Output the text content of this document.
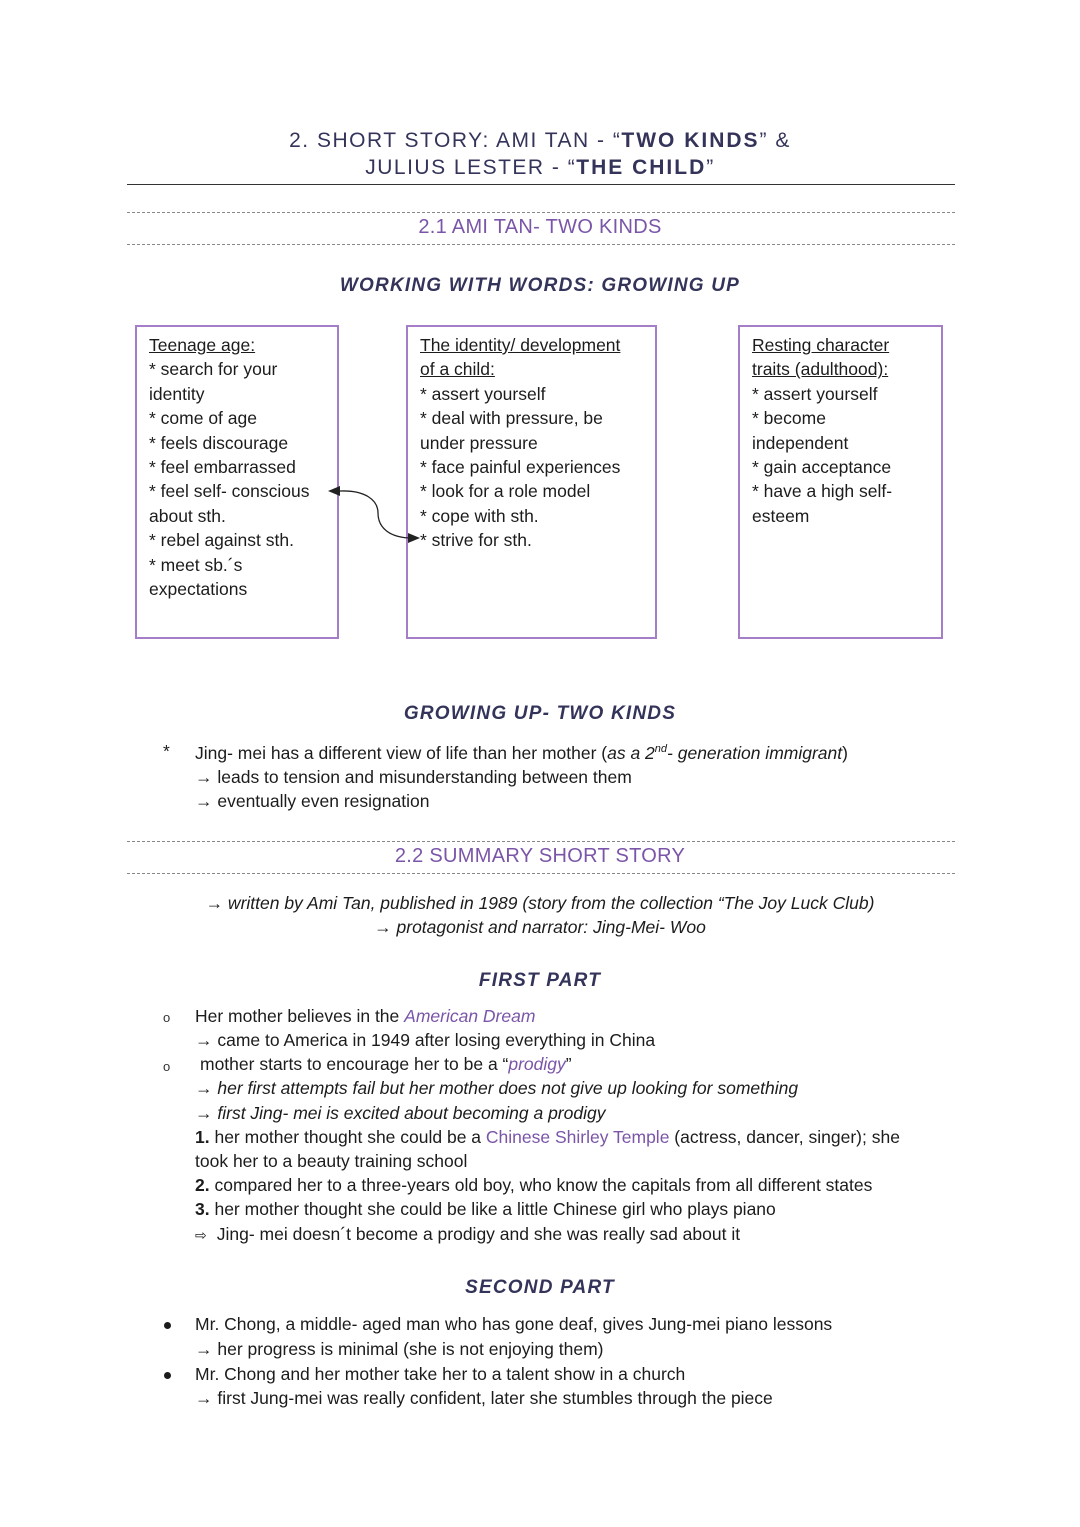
2. SHORT STORY: AMI TAN - “TWO KINDS” &
JULIUS LESTER - “THE CHILD”
2.1 AMI TAN- TWO KINDS
WORKING WITH WORDS: GROWING UP
Teenage age:
* search for your
identity
* come of age
* feels discourage
* feel embarrassed
* feel self- conscious
about sth.
* rebel against sth.
* meet sb.´s
expectations
The identity/ development
of a child:
* assert yourself
* deal with pressure, be
under pressure
* face painful experiences
* look for a role model
* cope with sth.
* strive for sth.
Resting character
traits (adulthood):
* assert yourself
* become
independent
* gain acceptance
* have a high self-
esteem
GROWING UP- TWO KINDS
* Jing- mei has a different view of life than her mother (as a 2nd- generation immigrant)
→ leads to tension and misunderstanding between them
→ eventually even resignation
2.2 SUMMARY SHORT STORY
→ written by Ami Tan, published in 1989 (story from the collection “The Joy Luck Club)
→ protagonist and narrator: Jing-Mei- Woo
FIRST PART
o Her mother believes in the American Dream
→ came to America in 1949 after losing everything in China
o mother starts to encourage her to be a “prodigy”
→ her first attempts fail but her mother does not give up looking for something
→ first Jing- mei is excited about becoming a prodigy
1. her mother thought she could be a Chinese Shirley Temple (actress, dancer, singer); she
took her to a beauty training school
2. compared her to a three-years old boy, who know the capitals from all different states
3. her mother thought she could be like a little Chinese girl who plays piano
⇨ Jing- mei doesn´t become a prodigy and she was really sad about it
SECOND PART
Mr. Chong, a middle- aged man who has gone deaf, gives Jung-mei piano lessons
→ her progress is minimal (she is not enjoying them)
Mr. Chong and her mother take her to a talent show in a church
→ first Jung-mei was really confident, later she stumbles through the piece
